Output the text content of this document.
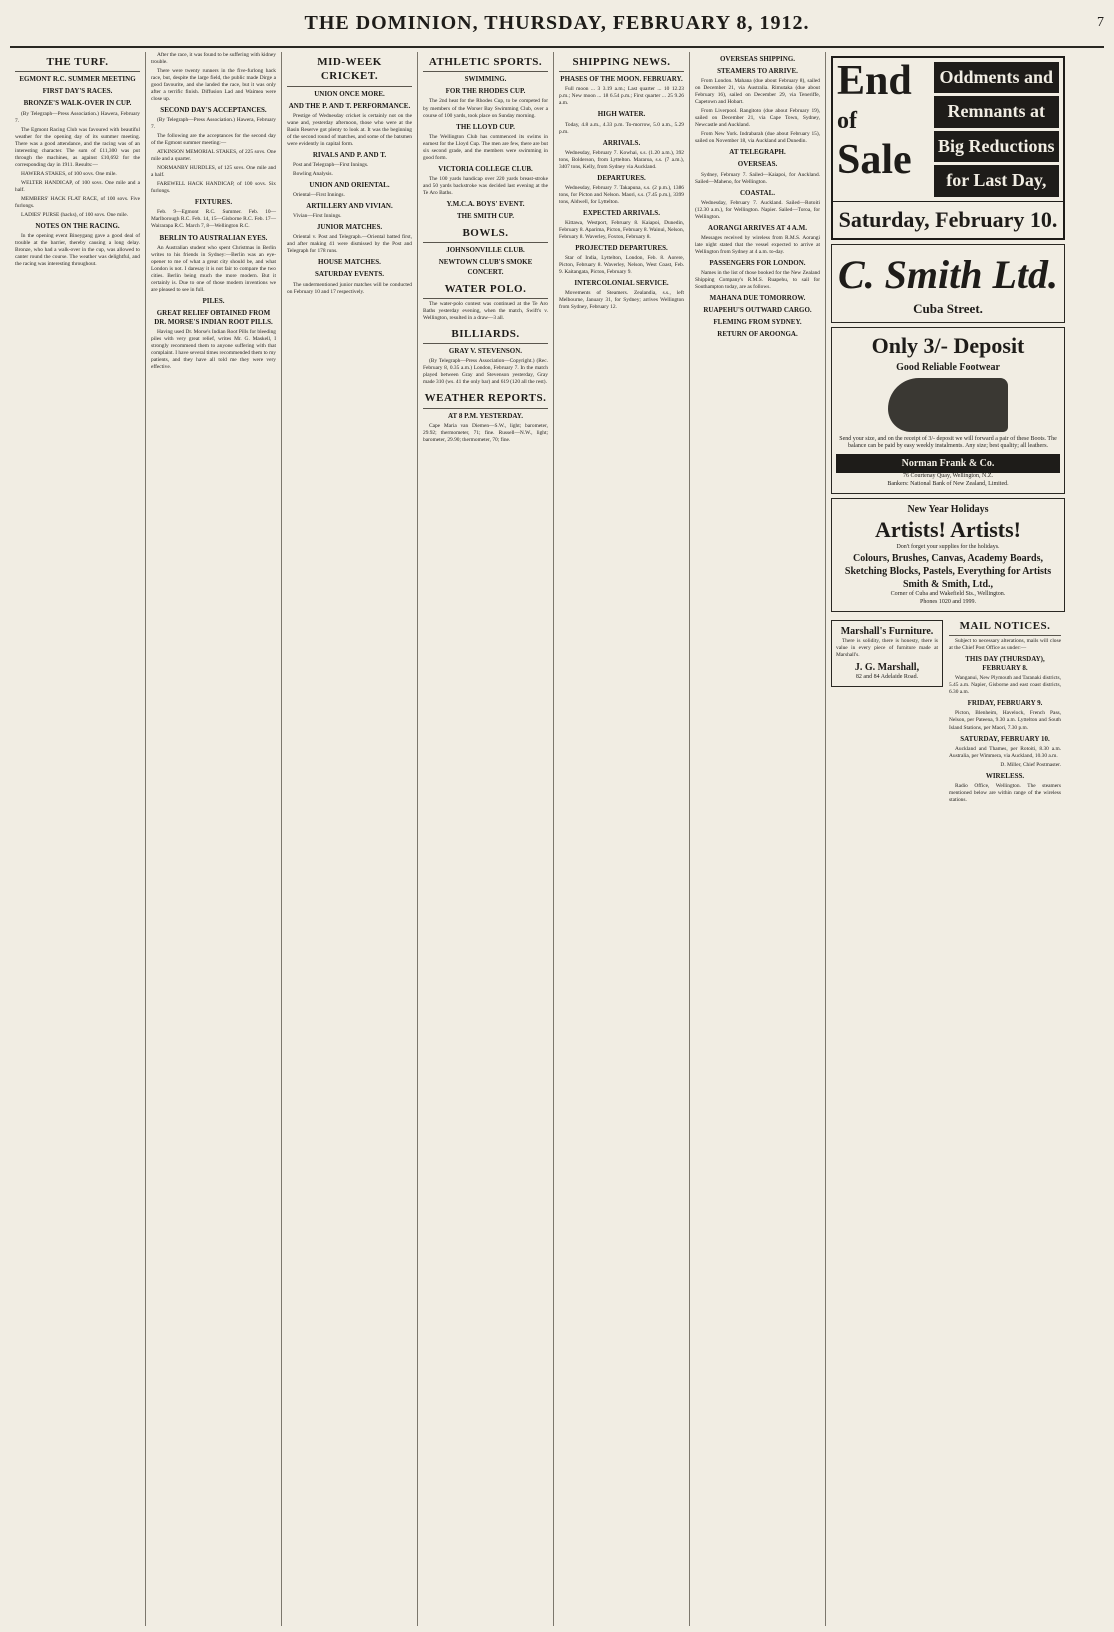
THE DOMINION, THURSDAY, FEBRUARY 8, 1912.	7
THE TURF.
EGMONT R.C. SUMMER MEETING
FIRST DAY'S RACES.
BRONZE'S WALK-OVER IN CUP.

(By Telegraph—Press Association.) Hawera, February 7.

The Egmont Racing Club was favoured with beautiful weather for the opening day of its summer meeting. There was a good attendance, and the racing was of an interesting character. The sum of £11,300 was put through the machines, as against £10,692 for the corresponding day in 1911. Results:—

HAWERA STAKES, of 100 sovs. One mile.

WELTER HANDICAP, of 100 sovs. One mile and a half.

MEMBERS' HACK FLAT RACE, of 100 sovs. Five furlongs.

LADIES' PURSE (hacks), of 100 sovs. One mile.

NOTES ON THE RACING.

In the opening event Bineygang gave a good deal of trouble at the barrier, thereby causing a long delay. Bronze, who had a walk-over in the cup, was allowed to canter round the course. The weather was delightful, and the racing was interesting throughout.

After the race, it was found to be suffering with kidney trouble.

There were twenty runners in the five-furlong hack race, but, despite the large field, the public made Dirge a good favourite, and she landed the race, but it was only after a terrific finish. Diffusion Lad and Waimea were close up.

SECOND DAY'S ACCEPTANCES.

(By Telegraph—Press Association.) Hawera, February 7.

The following are the acceptances for the second day of the Egmont summer meeting:—

ATKINSON MEMORIAL STAKES, of 225 sovs. One mile and a quarter.

NORMANBY HURDLES, of 125 sovs. One mile and a half.

FAREWELL HACK HANDICAP, of 100 sovs. Six furlongs.

FIXTURES.

Feb. 9—Egmont R.C. Summer. Feb. 10—Marlborough R.C. Feb. 14, 15—Gisborne R.C. Feb. 17—Wairarapa R.C. March 7, 8—Wellington R.C.

BERLIN TO AUSTRALIAN EYES.

An Australian student who spent Christmas in Berlin writes to his friends in Sydney:—Berlin was an eye-opener to me of what a great city should be, and what London is not. I daresay it is not fair to compare the two cities. Berlin being much the more modern. But it certainly is. Due to one of those modern inventions we are pleased to see in full.

PILES.
GREAT RELIEF OBTAINED FROM DR. MORSE'S INDIAN ROOT PILLS.

Having used Dr. Morse's Indian Root Pills for bleeding piles with very great relief, writes Mr. G. Maskell, I strongly recommend them to anyone suffering with that complaint. I have several times recommended them to my patients, and they have all told me they were very effective.

MID-WEEK CRICKET.
UNION ONCE MORE.
AND THE P. AND T. PERFORMANCE.

Prestige of Wednesday cricket is certainly not on the wane and, yesterday afternoon, those who were at the Basin Reserve got plenty to look at. It was the beginning of the second round of matches, and some of the batsmen were evidently in capital form.

RIVALS AND P. AND T.

Post and Telegraph—First Innings.

Bowling Analysis.

UNION AND ORIENTAL.

Oriental—First Innings.

ARTILLERY AND VIVIAN.

Vivian—First Innings.

JUNIOR MATCHES.

Oriental v. Post and Telegraph.—Oriental batted first, and after making 41 were dismissed by the Post and Telegraph for 178 runs.

HOUSE MATCHES.
SATURDAY EVENTS.

The undermentioned junior matches will be conducted on February 10 and 17 respectively.

ATHLETIC SPORTS.
SWIMMING.
FOR THE RHODES CUP.

The 2nd heat for the Rhodes Cup, to be competed for by members of the Worser Bay Swimming Club, over a course of 100 yards, took place on Sunday morning.

THE LLOYD CUP.

The Wellington Club has commenced its swims in earnest for the Lloyd Cup. The men are few, there are but six second grade, and the members were swimming in good form.

VICTORIA COLLEGE CLUB.

The 100 yards handicap over 220 yards breast-stroke and 50 yards backstroke was decided last evening at the Te Aro Baths.

Y.M.C.A. BOYS' EVENT.
THE SMITH CUP.
BOWLS.
JOHNSONVILLE CLUB.
NEWTOWN CLUB'S SMOKE CONCERT.
WATER POLO.

The water-polo contest was continued at the Te Aro Baths yesterday evening, when the match, Swift's v. Wellington, resulted in a draw—3 all.

BILLIARDS.
GRAY V. STEVENSON.

(By Telegraph—Press Association—Copyright.) (Rec. February 8, 0.35 a.m.) London, February 7. In the match played between Gray and Stevenson yesterday, Gray made 310 (ws. 41 the only bar) and 619 (120 all the rest).

WEATHER REPORTS.
AT 8 P.M. YESTERDAY.

Cape Maria van Diemen—S.W., light; barometer, 29.92; thermometer, 71; fine. Russell—N.W., light; barometer, 29.90; thermometer, 70; fine.

SHIPPING NEWS.
PHASES OF THE MOON. FEBRUARY.

Full moon ... 3 3.19 a.m.; Last quarter ... 10 12.23 p.m.; New moon ... 18 6.54 p.m.; First quarter ... 25 9.26 a.m.

HIGH WATER.

Today, 4.8 a.m., 4.33 p.m. To-morrow, 5.0 a.m., 5.29 p.m.

ARRIVALS.

Wednesday, February 7. Kowhai, s.s. (1.20 a.m.), 392 tons, Bolderson, from Lyttelton. Mararoa, s.s. (7 a.m.), 3407 tons, Kelly, from Sydney via Auckland.

DEPARTURES.

Wednesday, February 7. Takapuna, s.s. (2 p.m.), 1386 tons, for Picton and Nelson. Maori, s.s. (7.45 p.m.), 3399 tons, Aldwell, for Lyttelton.

EXPECTED ARRIVALS.

Kittawa, Westport, February 8. Kaiapoi, Dunedin, February 8. Aparima, Picton, February 8. Wainui, Nelson, February 8. Waverley, Foxton, February 8.

PROJECTED DEPARTURES.

Star of India, Lyttelton, London, Feb. 8. Aorere, Picton, February 8. Waverley, Nelson, West Coast, Feb. 9. Kaitangata, Picton, February 9.

INTERCOLONIAL SERVICE.

Movements of Steamers. Zealandia, s.s., left Melbourne, January 31, for Sydney; arrives Wellington from Sydney, February 12.

OVERSEAS SHIPPING.
STEAMERS TO ARRIVE.

From London. Mahana (due about February 8), sailed on December 21, via Australia. Rimutaka (due about February 16), sailed on December 29, via Teneriffe, Capetown and Hobart.

From Liverpool. Rangitoto (due about February 19), sailed on December 21, via Cape Town, Sydney, Newcastle and Auckland.

From New York. Indrabarah (due about February 15), sailed on November 18, via Auckland and Dunedin.

AT TELEGRAPH.
OVERSEAS.

Sydney, February 7. Sailed—Kaiapoi, for Auckland. Sailed—Maheno, for Wellington.

COASTAL.

Wednesday, February 7. Auckland. Sailed—Rotoiti (12.30 a.m.), for Wellington. Napier. Sailed—Toroa, for Wellington.

AORANGI ARRIVES AT 4 A.M.

Messages received by wireless from R.M.S. Aorangi late night stated that the vessel expected to arrive at Wellington from Sydney at 4 a.m. to-day.

PASSENGERS FOR LONDON.

Names in the list of those booked for the New Zealand Shipping Company's R.M.S. Ruapehu, to sail for Southampton today, are as follows.

MAHANA DUE TOMORROW.
RUAPEHU'S OUTWARD CARGO.
FLEMING FROM SYDNEY.
RETURN OF AROONGA.
End
of
Sale
Oddments and
Remnants at
Big Reductions
for Last Day,
Saturday, February 10.
C. Smith Ltd.
Cuba Street.
Only 3/- Deposit
Good Reliable Footwear
Send your size, and on the receipt of 3/- deposit we will forward a pair of these Boots. The balance can be paid by easy weekly instalments. Any size; best quality; all leathers.
Norman Frank & Co.
76 Courtenay Quay, Wellington, N.Z.
Bankers: National Bank of New Zealand, Limited.
New Year Holidays
Artists! Artists!
Don't forget your supplies for the holidays.
Colours, Brushes, Canvas, Academy Boards, Sketching Blocks, Pastels, Everything for Artists
Smith & Smith, Ltd.,
Corner of Cuba and Wakefield Sts., Wellington.
Phones 1020 and 1999.
Marshall's Furniture.

There is solidity, there is honesty, there is value in every piece of furniture made at Marshall's.

J. G. Marshall,
82 and 84 Adelaide Road.
MAIL NOTICES.

Subject to necessary alterations, mails will close at the Chief Post Office as under:—

THIS DAY (THURSDAY), FEBRUARY 8.

Wanganui, New Plymouth and Taranaki districts, 5.45 a.m. Napier, Gisborne and east coast districts, 6.30 a.m.

FRIDAY, FEBRUARY 9.

Picton, Blenheim, Havelock, French Pass, Nelson, per Pateena, 9.30 a.m. Lyttelton and South Island Stations, per Maori, 7.30 p.m.

SATURDAY, FEBRUARY 10.

Auckland and Thames, per Rotoiti, 8.30 a.m. Australia, per Wimmera, via Auckland, 10.30 a.m.

D. Miller, Chief Postmaster.

WIRELESS.

Radio Office, Wellington. The steamers mentioned below are within range of the wireless stations.
